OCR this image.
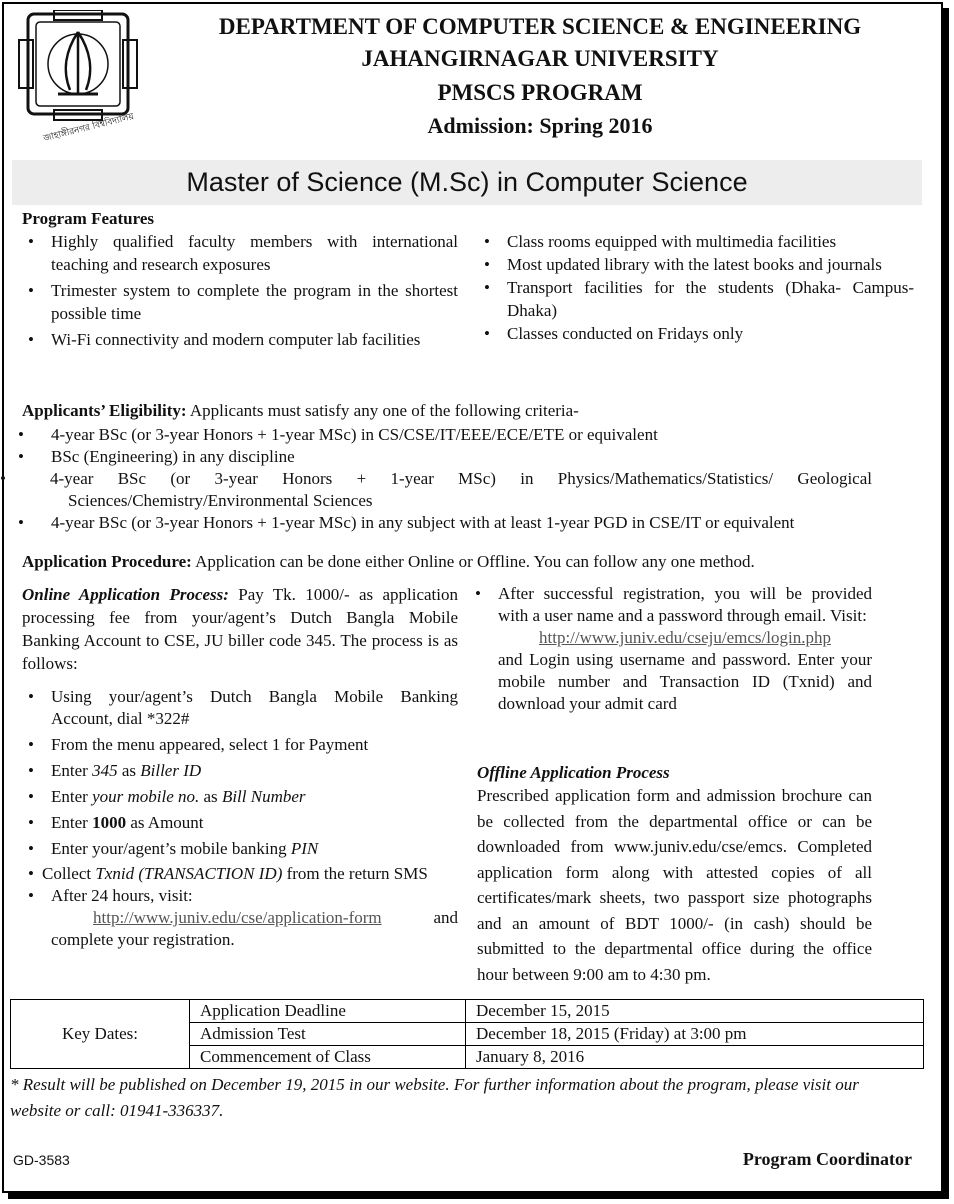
জাহাঙ্গীরনগর বিশ্ববিদ্যালয়
DEPARTMENT OF COMPUTER SCIENCE & ENGINEERING
JAHANGIRNAGAR UNIVERSITY
PMSCS PROGRAM
Admission: Spring 2016
Master of Science (M.Sc) in Computer Science
Program Features
• Highly qualified faculty members with international teaching and research exposures
• Trimester system to complete the program in the shortest possible time
• Wi-Fi connectivity and modern computer lab facilities
• Class rooms equipped with multimedia facilities
• Most updated library with the latest books and journals
• Transport facilities for the students (Dhaka- Campus-Dhaka)
• Classes conducted on Fridays only
Applicants’ Eligibility: Applicants must satisfy any one of the following criteria-
• 4-year BSc (or 3-year Honors + 1-year MSc) in CS/CSE/IT/EEE/ECE/ETE or equivalent
• BSc (Engineering) in any discipline
• 4-year BSc (or 3-year Honors + 1-year MSc) in Physics/Mathematics/Statistics/ Geological Sciences/Chemistry/Environmental Sciences
• 4-year BSc (or 3-year Honors + 1-year MSc) in any subject with at least 1-year PGD in CSE/IT or equivalent
Application Procedure: Application can be done either Online or Offline. You can follow any one method.
Online Application Process: Pay Tk. 1000/- as application processing fee from your/agent’s Dutch Bangla Mobile Banking Account to CSE, JU biller code 345. The process is as follows:
• Using your/agent’s Dutch Bangla Mobile Banking Account, dial *322#
• From the menu appeared, select 1 for Payment
• Enter 345 as Biller ID
• Enter your mobile no. as Bill Number
• Enter 1000 as Amount
• Enter your/agent’s mobile banking PIN
• Collect Txnid (TRANSACTION ID) from the return SMS
• After 24 hours, visit:
http://www.juniv.edu/cse/application-form and complete your registration.
• After successful registration, you will be provided with a user name and a password through email. Visit:

http://www.juniv.edu/cseju/emcs/login.php
and Login using username and password. Enter your mobile number and Transaction ID (Txnid) and download your admit card
Offline Application Process
Prescribed application form and admission brochure can be collected from the departmental office or can be downloaded from www.juniv.edu/cse/emcs. Completed application form along with attested copies of all certificates/mark sheets, two passport size photographs and an amount of BDT 1000/- (in cash) should be submitted to the departmental office during the office hour between 9:00 am to 4:30 pm.
Key Dates:	Application Deadline	December 15, 2015
	Admission Test	December 18, 2015 (Friday) at 3:00 pm
	Commencement of Class	January 8, 2016
* Result will be published on December 19, 2015 in our website. For further information about the program, please visit our website or call: 01941-336337.
GD-3583	Program Coordinator
